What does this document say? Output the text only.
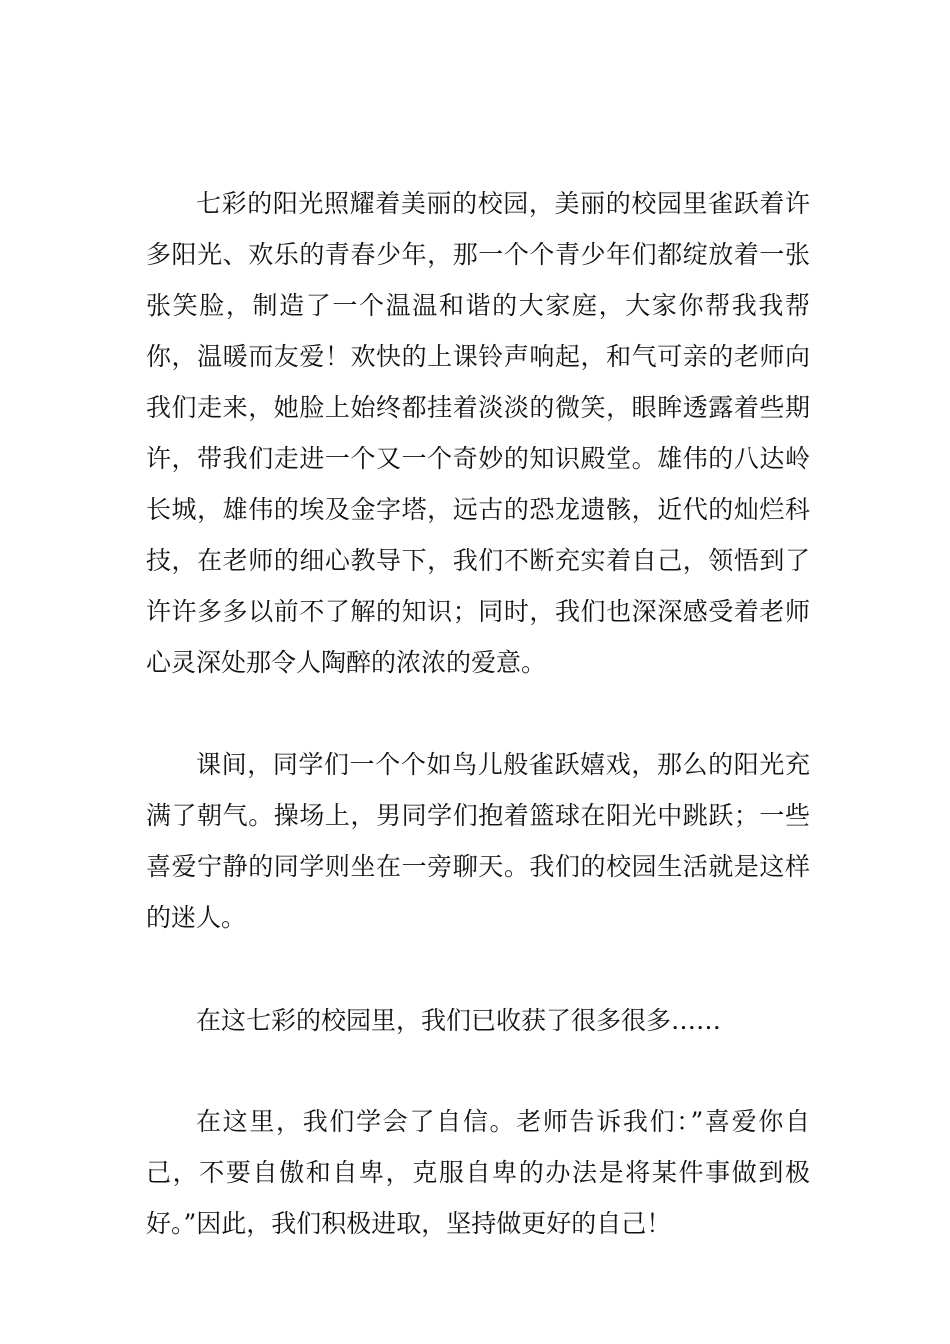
七彩的阳光照耀着美丽的校园，美丽的校园里雀跃着许多阳光、欢乐的青春少年，那一个个青少年们都绽放着一张张笑脸，制造了一个温温和谐的大家庭，大家你帮我我帮你，温暖而友爱！欢快的上课铃声响起，和气可亲的老师向我们走来，她脸上始终都挂着淡淡的微笑，眼眸透露着些期许，带我们走进一个又一个奇妙的知识殿堂。雄伟的八达岭长城，雄伟的埃及金字塔，远古的恐龙遗骸，近代的灿烂科技，在老师的细心教导下，我们不断充实着自己，领悟到了许许多多以前不了解的知识；同时，我们也深深感受着老师心灵深处那令人陶醉的浓浓的爱意。

课间，同学们一个个如鸟儿般雀跃嬉戏，那么的阳光充满了朝气。操场上，男同学们抱着篮球在阳光中跳跃；一些喜爱宁静的同学则坐在一旁聊天。我们的校园生活就是这样的迷人。

在这七彩的校园里，我们已收获了很多很多……

在这里，我们学会了自信。老师告诉我们：”喜爱你自己，不要自傲和自卑，克服自卑的办法是将某件事做到极好。”因此，我们积极进取，坚持做更好的自己！
